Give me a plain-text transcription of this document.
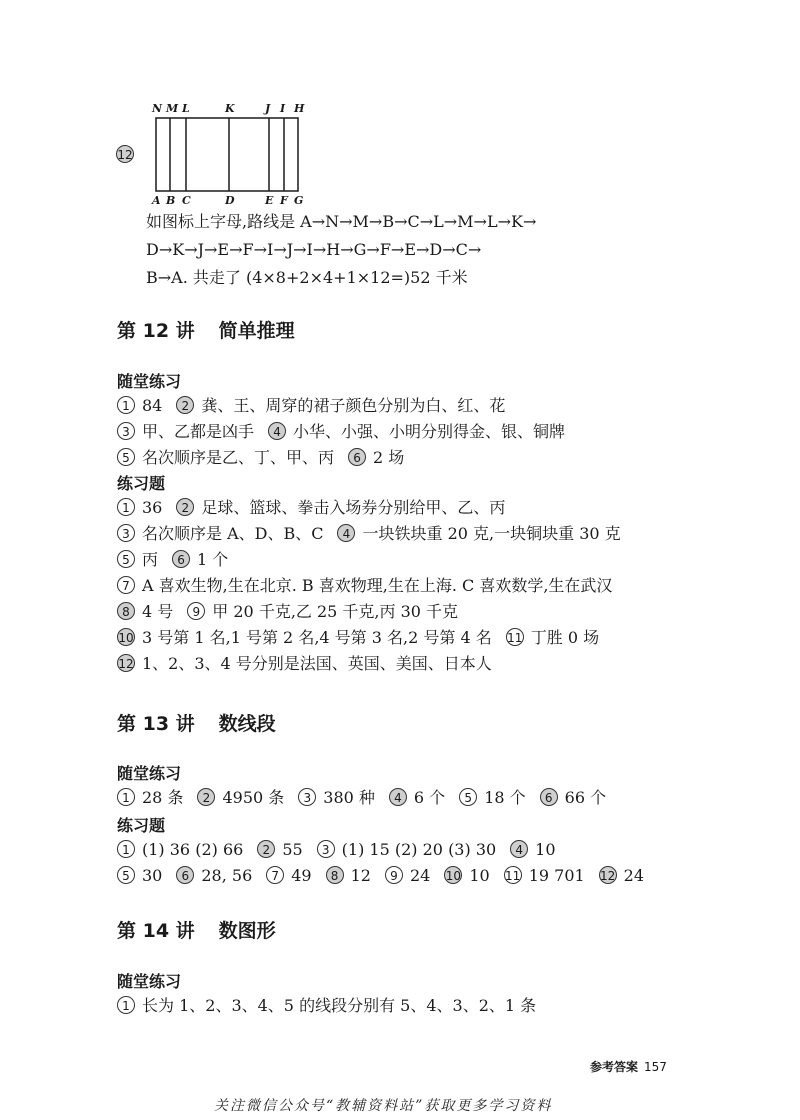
12
N M L	K	J I H
A B C	D	E F G
如图标上字母,路线是 A→N→M→B→C→L→M→L→K→
D→K→J→E→F→I→J→I→H→G→F→E→D→C→
B→A. 共走了 (4×8+2×4+1×12=)52 千米
第 12 讲 简单推理
随堂练习
1 84 2 龚、王、周穿的裙子颜色分别为白、红、花
3 甲、乙都是凶手 4 小华、小强、小明分别得金、银、铜牌
5 名次顺序是乙、丁、甲、丙 6 2 场
练习题
1 36 2 足球、篮球、拳击入场券分别给甲、乙、丙
3 名次顺序是 A、D、B、C 4 一块铁块重 20 克,一块铜块重 30 克
5 丙 6 1 个
7 A 喜欢生物,生在北京. B 喜欢物理,生在上海. C 喜欢数学,生在武汉
8 4 号 9 甲 20 千克,乙 25 千克,丙 30 千克
10 3 号第 1 名,1 号第 2 名,4 号第 3 名,2 号第 4 名 11 丁胜 0 场
12 1、2、3、4 号分别是法国、英国、美国、日本人
第 13 讲 数线段
随堂练习
1 28 条 2 4950 条 3 380 种 4 6 个 5 18 个 6 66 个
练习题
1 (1) 36 (2) 66 2 55 3 (1) 15 (2) 20 (3) 30 4 10
5 30 6 28, 56 7 49 8 12 9 24 10 10 11 19 701 12 24
第 14 讲 数图形
随堂练习
1 长为 1、2、3、4、5 的线段分别有 5、4、3、2、1 条
参考答案 157
关注微信公众号“教辅资料站”获取更多学习资料
